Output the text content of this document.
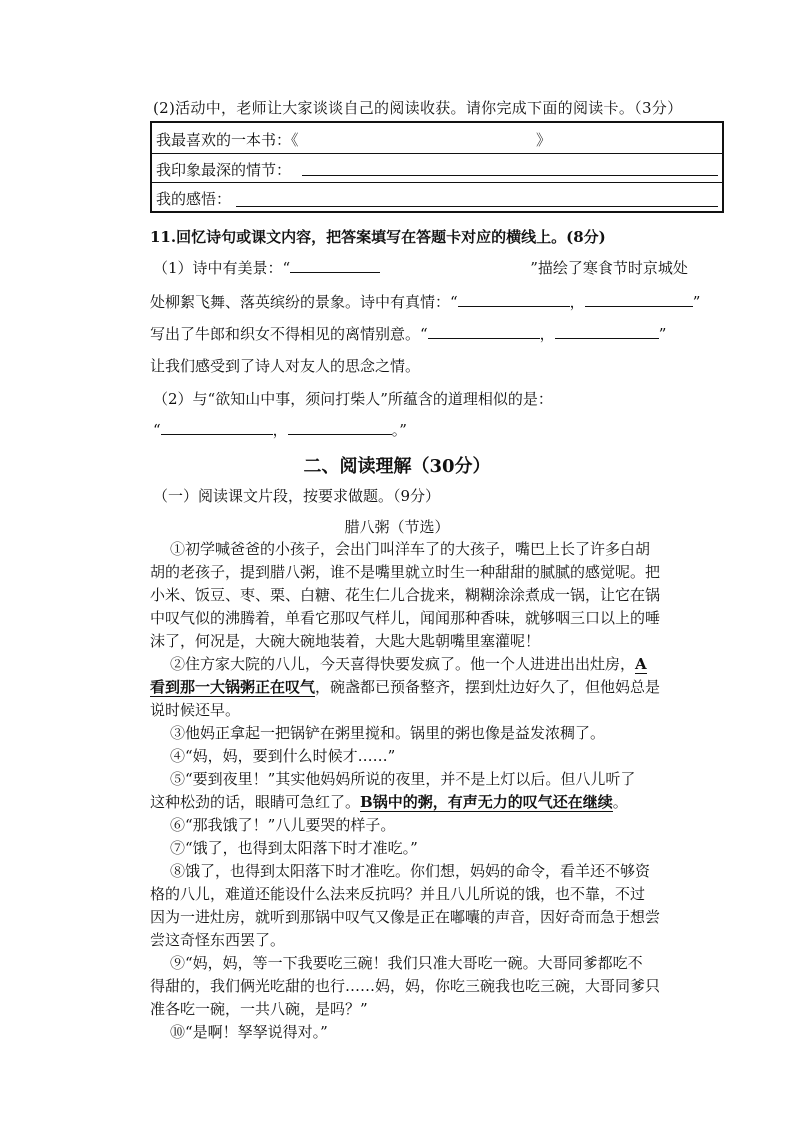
(2)活动中，老师让大家谈谈自己的阅读收获。请你完成下面的阅读卡。（3分）
我最喜欢的一本书：《	》
我印象最深的情节：
我的感悟：
11.回忆诗句或课文内容，把答案填写在答题卡对应的横线上。(8分)
（1）诗中有美景：“	”描绘了寒食节时京城处
处柳絮飞舞、落英缤纷的景象。诗中有真情：“	，	”
写出了牛郎和织女不得相见的离情别意。“	，	”
让我们感受到了诗人对友人的思念之情。
（2）与“欲知山中事，须问打柴人”所蕴含的道理相似的是：
“	，	。”
二、阅读理解（30分）
（一）阅读课文片段，按要求做题。（9分）
腊八粥（节选）
①初学喊爸爸的小孩子，会出门叫洋车了的大孩子，嘴巴上长了许多白胡
胡的老孩子，提到腊八粥，谁不是嘴里就立时生一种甜甜的腻腻的感觉呢。把
小米、饭豆、枣、栗、白糖、花生仁儿合拢来，糊糊涂涂煮成一锅，让它在锅
中叹气似的沸腾着，单看它那叹气样儿，闻闻那种香味，就够咽三口以上的唾
沫了，何况是，大碗大碗地装着，大匙大匙朝嘴里塞灌呢！
②住方家大院的八儿，今天喜得快要发疯了。他一个人进进出出灶房，A
看到那一大锅粥正在叹气，碗盏都已预备整齐，摆到灶边好久了，但他妈总是
说时候还早。
③他妈正拿起一把锅铲在粥里搅和。锅里的粥也像是益发浓稠了。
④“妈，妈，要到什么时候才……”
⑤“要到夜里！”其实他妈妈所说的夜里，并不是上灯以后。但八儿听了
这种松劲的话，眼睛可急红了。B锅中的粥，有声无力的叹气还在继续。
⑥“那我饿了！”八儿要哭的样子。
⑦“饿了，也得到太阳落下时才准吃。”
⑧饿了，也得到太阳落下时才准吃。你们想，妈妈的命令，看羊还不够资
格的八儿，难道还能设什么法来反抗吗？并且八儿所说的饿，也不靠，不过
因为一进灶房，就听到那锅中叹气又像是正在嘟囔的声音，因好奇而急于想尝
尝这奇怪东西罢了。
⑨“妈，妈，等一下我要吃三碗！我们只准大哥吃一碗。大哥同爹都吃不
得甜的，我们俩光吃甜的也行……妈，妈，你吃三碗我也吃三碗，大哥同爹只
准各吃一碗，一共八碗，是吗？”
⑩“是啊！孥孥说得对。”
